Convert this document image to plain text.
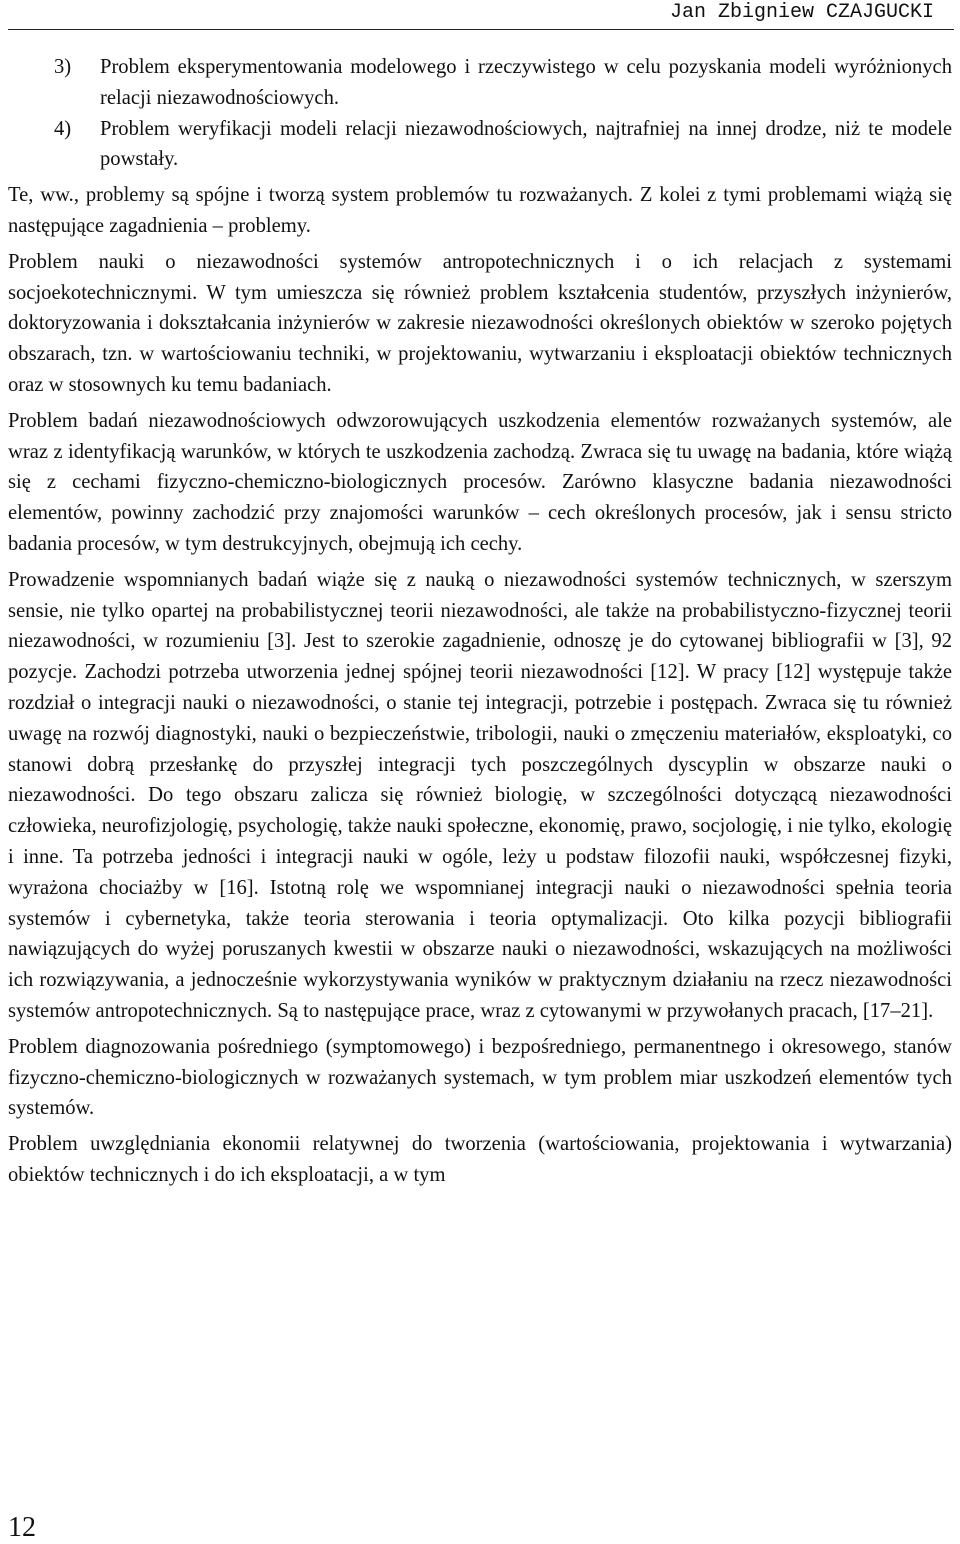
Jan Zbigniew CZAJGUCKI
3)	Problem eksperymentowania modelowego i rzeczywistego w celu pozyskania modeli wyróżnionych relacji niezawodnościowych.
4)	Problem weryfikacji modeli relacji niezawodnościowych, najtrafniej na innej drodze, niż te modele powstały.

Te, ww., problemy są spójne i tworzą system problemów tu rozważanych. Z kolei z tymi problemami wiążą się następujące zagadnienia – problemy.

Problem nauki o niezawodności systemów antropotechnicznych i o ich relacjach z systemami socjoekotechnicznymi. W tym umieszcza się również problem kształcenia studentów, przyszłych inżynierów, doktoryzowania i dokształcania inżynierów w zakresie niezawodności określonych obiektów w szeroko pojętych obszarach, tzn. w wartościowaniu techniki, w projektowaniu, wytwarzaniu i eksploatacji obiektów technicznych oraz w stosownych ku temu badaniach.

Problem badań niezawodnościowych odwzorowujących uszkodzenia elementów rozważanych systemów, ale wraz z identyfikacją warunków, w których te uszkodzenia zachodzą. Zwraca się tu uwagę na badania, które wiążą się z cechami fizyczno-chemiczno-biologicznych procesów. Zarówno klasyczne badania niezawodności elementów, powinny zachodzić przy znajomości warunków – cech określonych procesów, jak i sensu stricto badania procesów, w tym destrukcyjnych, obejmują ich cechy.

Prowadzenie wspomnianych badań wiąże się z nauką o niezawodności systemów technicznych, w szerszym sensie, nie tylko opartej na probabilistycznej teorii niezawodności, ale także na probabilistyczno-fizycznej teorii niezawodności, w rozumieniu [3]. Jest to szerokie zagadnienie, odnoszę je do cytowanej bibliografii w [3], 92 pozycje. Zachodzi potrzeba utworzenia jednej spójnej teorii niezawodności [12]. W pracy [12] występuje także rozdział o integracji nauki o niezawodności, o stanie tej integracji, potrzebie i postępach. Zwraca się tu również uwagę na rozwój diagnostyki, nauki o bezpieczeństwie, tribologii, nauki o zmęczeniu materiałów, eksploatyki, co stanowi dobrą przesłankę do przyszłej integracji tych poszczególnych dyscyplin w obszarze nauki o niezawodności. Do tego obszaru zalicza się również biologię, w szczególności dotyczącą niezawodności człowieka, neurofizjologię, psychologię, także nauki społeczne, ekonomię, prawo, socjologię, i nie tylko, ekologię i inne. Ta potrzeba jedności i integracji nauki w ogóle, leży u podstaw filozofii nauki, współczesnej fizyki, wyrażona chociażby w [16]. Istotną rolę we wspomnianej integracji nauki o niezawodności spełnia teoria systemów i cybernetyka, także teoria sterowania i teoria optymalizacji. Oto kilka pozycji bibliografii nawiązujących do wyżej poruszanych kwestii w obszarze nauki o niezawodności, wskazujących na możliwości ich rozwiązywania, a jednocześnie wykorzystywania wyników w praktycznym działaniu na rzecz niezawodności systemów antropotechnicznych. Są to następujące prace, wraz z cytowanymi w przywołanych pracach, [17–21].

Problem diagnozowania pośredniego (symptomowego) i bezpośredniego, permanentnego i okresowego, stanów fizyczno-chemiczno-biologicznych w rozważanych systemach, w tym problem miar uszkodzeń elementów tych systemów.

Problem uwzględniania ekonomii relatywnej do tworzenia (wartościowania, projektowania i wytwarzania) obiektów technicznych i do ich eksploatacji, a w tym

12
